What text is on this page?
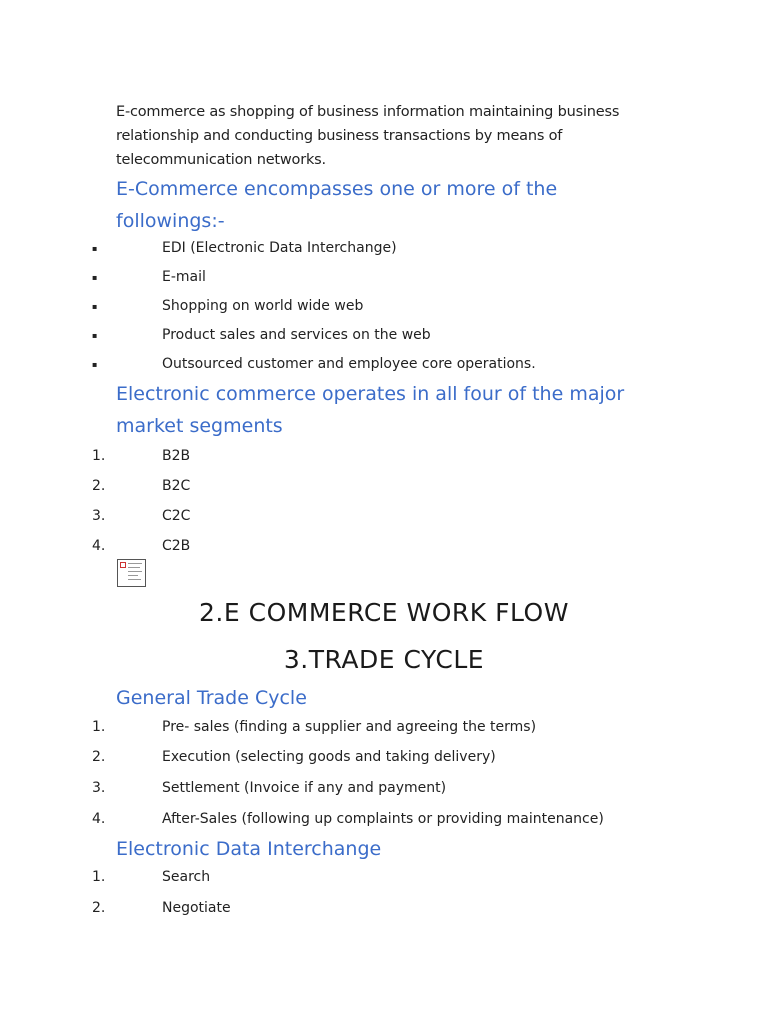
E-commerce as shopping of business information maintaining business
relationship and conducting business transactions by means of
telecommunication networks.
E-Commerce encompasses one or more of the
followings:-
▪	EDI (Electronic Data Interchange)
▪	E-mail
▪	Shopping on world wide web
▪	Product sales and services on the web
▪	Outsourced customer and employee core operations.
Electronic commerce operates in all four of the major
market segments
1.	B2B
2.	B2C
3.	C2C
4.	C2B
2.E COMMERCE WORK FLOW
3.TRADE CYCLE
General Trade Cycle
1.	Pre- sales (finding a supplier and agreeing the terms)
2.	Execution (selecting goods and taking delivery)
3.	Settlement (Invoice if any and payment)
4.	After-Sales (following up complaints or providing maintenance)
Electronic Data Interchange
1.	Search
2.	Negotiate
